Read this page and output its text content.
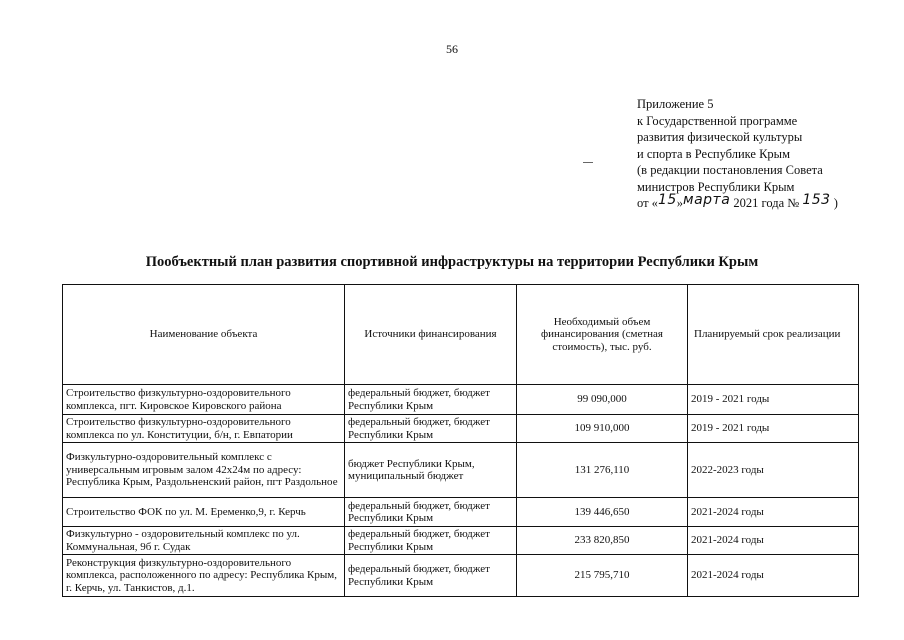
56
Приложение 5
к Государственной программе
развития физической культуры
и спорта в Республике Крым
(в редакции постановления Совета
министров Республики Крым
от «15»марта 2021 года № 153 )
Пообъектный план развития спортивной инфраструктуры на территории Республики Крым
Наименование объекта	Источники финансирования	Необходимый объем финансирования (сметная стоимость), тыс. руб.	Планируемый срок реализации
Строительство физкультурно-оздоровительного комплекса, пгт. Кировское Кировского района	федеральный бюджет, бюджет Республики Крым	99 090,000	2019 - 2021 годы
Строительство физкультурно-оздоровительного комплекса по ул. Конституции, б/н, г. Евпатории	федеральный бюджет, бюджет Республики Крым	109 910,000	2019 - 2021 годы
Физкультурно-оздоровительный комплекс с универсальным игровым залом 42х24м по адресу: Республика Крым, Раздольненский район, пгт Раздольное	бюджет Республики Крым, муниципальный бюджет	131 276,110	2022-2023 годы
Строительство ФОК по ул. М. Еременко,9, г. Керчь	федеральный бюджет, бюджет Республики Крым	139 446,650	2021-2024 годы
Физкультурно - оздоровительный комплекс по ул. Коммунальная, 9б г. Судак	федеральный бюджет, бюджет Республики Крым	233 820,850	2021-2024 годы
Реконструкция физкультурно-оздоровительного комплекса, расположенного по адресу: Республика Крым, г. Керчь, ул. Танкистов, д.1.	федеральный бюджет, бюджет Республики Крым	215 795,710	2021-2024 годы
